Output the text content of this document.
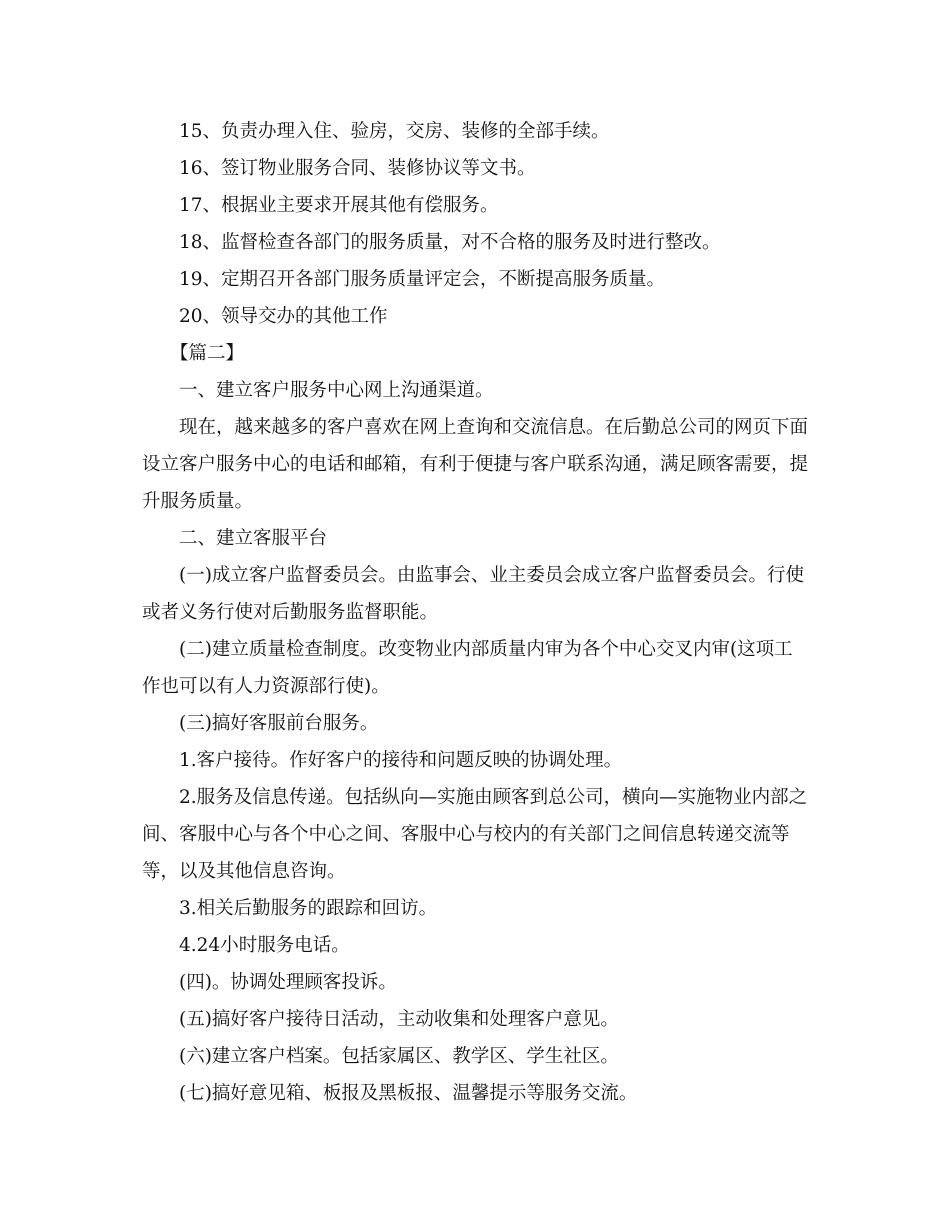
15、负责办理入住、验房，交房、装修的全部手续。

16、签订物业服务合同、装修协议等文书。

17、根据业主要求开展其他有偿服务。

18、监督检查各部门的服务质量，对不合格的服务及时进行整改。

19、定期召开各部门服务质量评定会，不断提高服务质量。

20、领导交办的其他工作

【篇二】

一、建立客户服务中心网上沟通渠道。

现在，越来越多的客户喜欢在网上查询和交流信息。在后勤总公司的网页下面设立客户服务中心的电话和邮箱，有利于便捷与客户联系沟通，满足顾客需要，提升服务质量。

二、建立客服平台

(一)成立客户监督委员会。由监事会、业主委员会成立客户监督委员会。行使或者义务行使对后勤服务监督职能。

(二)建立质量检查制度。改变物业内部质量内审为各个中心交叉内审(这项工作也可以有人力资源部行使)。

(三)搞好客服前台服务。

1.客户接待。作好客户的接待和问题反映的协调处理。

2.服务及信息传递。包括纵向—实施由顾客到总公司，横向—实施物业内部之间、客服中心与各个中心之间、客服中心与校内的有关部门之间信息转递交流等等，以及其他信息咨询。

3.相关后勤服务的跟踪和回访。

4.24小时服务电话。

(四)。协调处理顾客投诉。

(五)搞好客户接待日活动，主动收集和处理客户意见。

(六)建立客户档案。包括家属区、教学区、学生社区。

(七)搞好意见箱、板报及黑板报、温馨提示等服务交流。
